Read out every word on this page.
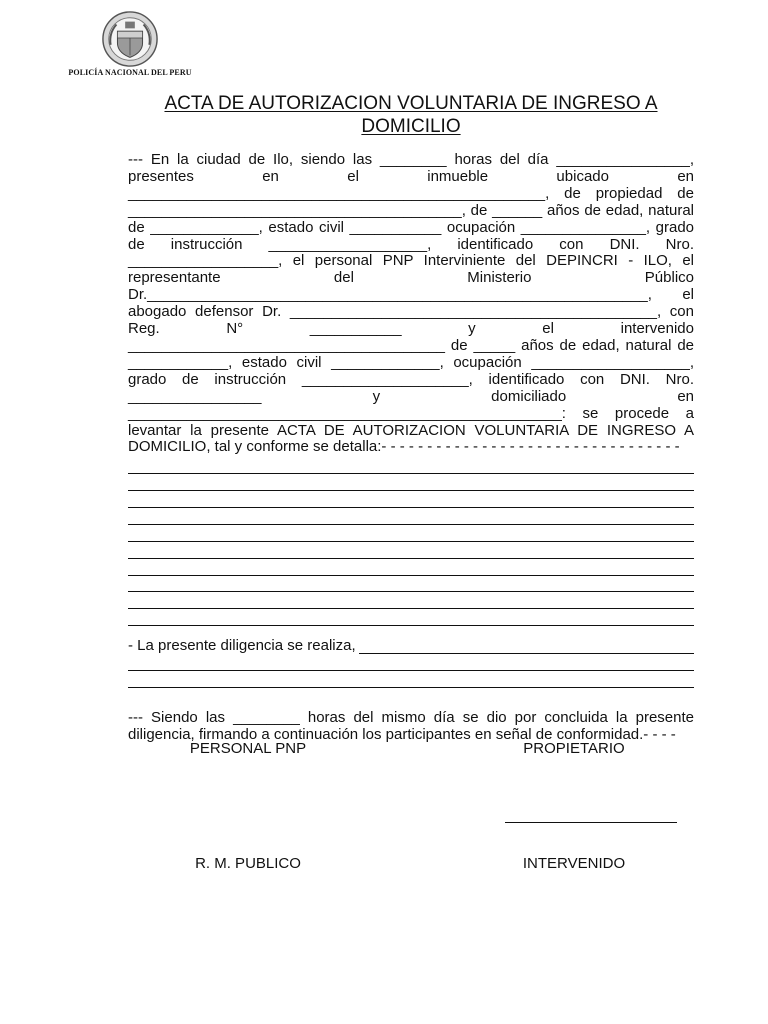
POLICÍA NACIONAL DEL PERU
ACTA DE AUTORIZACION VOLUNTARIA DE INGRESO A DOMICILIO

--- En la ciudad de Ilo, siendo las ________ horas del día ________________, presentes en el inmueble ubicado en __________________________________________________, de propiedad de ________________________________________, de ______ años de edad, natural de _____________, estado civil ___________ ocupación _______________, grado de instrucción ___________________, identificado con DNI. Nro. __________________, el personal PNP Interviniente del DEPINCRI - ILO, el representante del Ministerio Público Dr.____________________________________________________________, el abogado defensor Dr. ____________________________________________, con Reg. N° ___________ y el intervenido ______________________________________ de _____ años de edad, natural de ____________, estado civil _____________, ocupación ___________________, grado de instrucción ____________________, identificado con DNI. Nro. ________________ y domiciliado en ____________________________________________________: se procede a levantar la presente ACTA DE AUTORIZACION VOLUNTARIA DE INGRESO A DOMICILIO, tal y conforme se detalla:- - - - - - - - - - - - - - - - - - - - - - - - - - - - - - - - -

- La presente diligencia se realiza,

--- Siendo las ________ horas del mismo día se dio por concluida la presente diligencia, firmando a continuación los participantes en señal de conformidad.- - - -

PERSONAL PNP	PROPIETARIO
R. M. PUBLICO	INTERVENIDO
